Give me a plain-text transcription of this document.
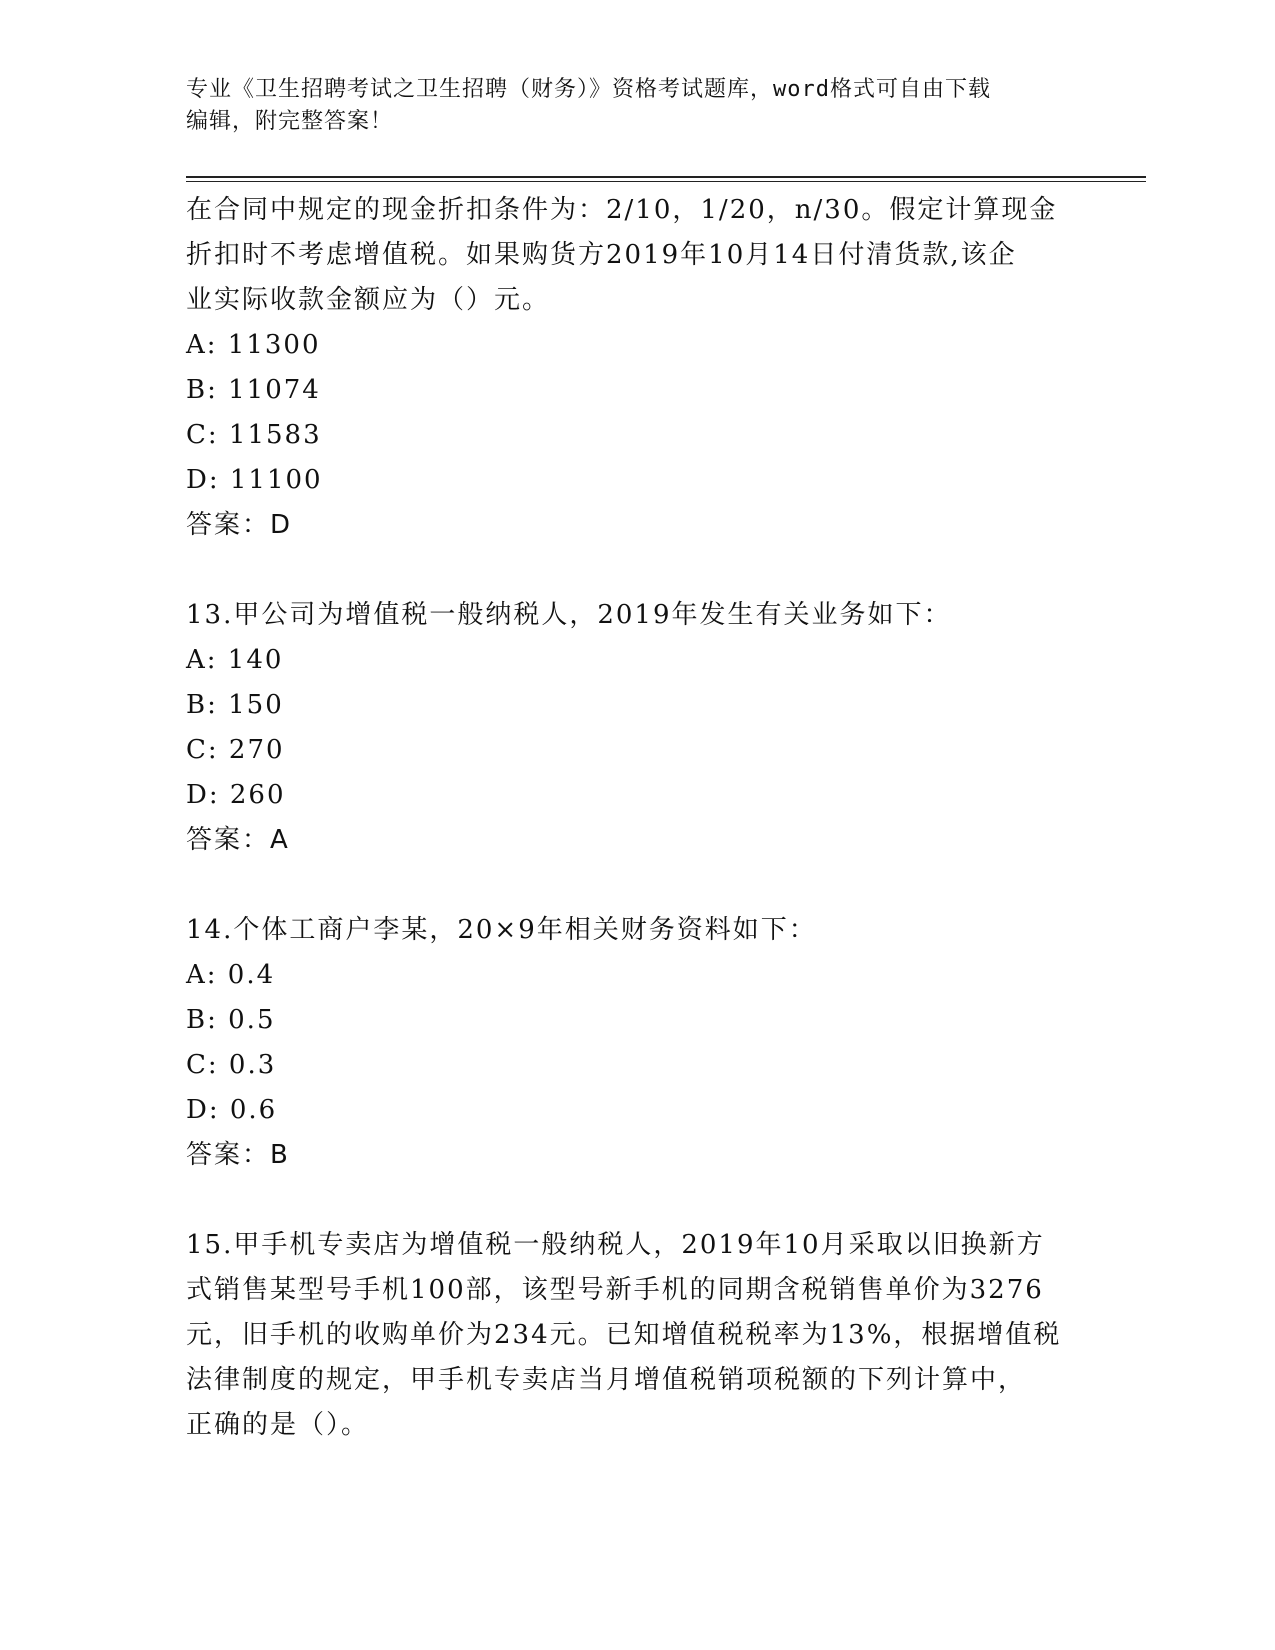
专业《卫生招聘考试之卫生招聘（财务）》资格考试题库，word格式可自由下载
编辑，附完整答案！

在合同中规定的现金折扣条件为：2/10，1/20，n/30。假定计算现金

折扣时不考虑增值税。如果购货方2019年10月14日付清货款,该企

业实际收款金额应为（）元。

A: 11300

B: 11074

C: 11583

D: 11100

答案：D

13.甲公司为增值税一般纳税人，2019年发生有关业务如下：

A: 140

B: 150

C: 270

D: 260

答案：A

14.个体工商户李某，20×9年相关财务资料如下：

A: 0.4

B: 0.5

C: 0.3

D: 0.6

答案：B

15.甲手机专卖店为增值税一般纳税人，2019年10月采取以旧换新方

式销售某型号手机100部，该型号新手机的同期含税销售单价为3276

元，旧手机的收购单价为234元。已知增值税税率为13%，根据增值税

法律制度的规定，甲手机专卖店当月增值税销项税额的下列计算中，

正确的是（）。
